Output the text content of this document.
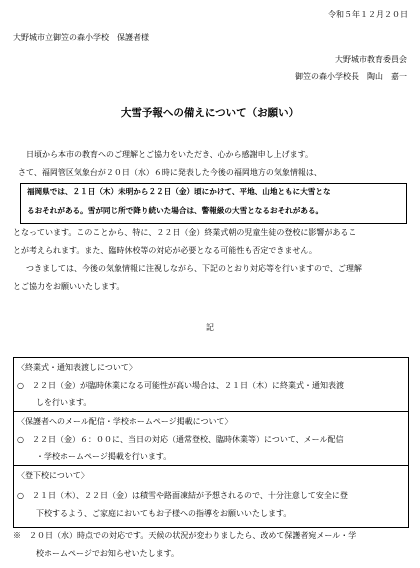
令和５年１２月２０日
大野城市立御笠の森小学校　保護者様
大野城市教育委員会
御笠の森小学校長　陶山　嘉一
大雪予報への備えについて（お願い）
日頃から本市の教育へのご理解とご協力をいただき、心から感謝申し上げます。
さて、福岡管区気象台が２０日（水）６時に発表した今後の福岡地方の気象情報は、
福岡県では、２１日（木）未明から２２日（金）頃にかけて、平地、山地ともに大雪とな
るおそれがある。雪が同じ所で降り続いた場合は、警報級の大雪となるおそれがある。
となっています。このことから、特に、２２日（金）終業式朝の児童生徒の登校に影響があるこ
とが考えられます。また、臨時休校等の対応が必要となる可能性も否定できません。
つきましては、今後の気象情報に注視しながら、下記のとおり対応等を行いますので、ご理解
とご協力をお願いいたします。
記
〈終業式・通知表渡しについて〉
○　２２日（金）が臨時休業になる可能性が高い場合は、２１日（木）に終業式・通知表渡
しを行います。
〈保護者へのメール配信・学校ホームページ掲載について〉
○　２２日（金）６：００に、当日の対応（通常登校、臨時休業等）について、メール配信
・学校ホームページ掲載を行います。
〈登下校について〉
○　２１日（木）、２２日（金）は積雪や路面凍結が予想されるので、十分注意して安全に登
下校するよう、ご家庭においてもお子様への指導をお願いいたします。
※　２０日（水）時点での対応です。天候の状況が変わりましたら、改めて保護者宛メール・学
校ホームページでお知らせいたします。
